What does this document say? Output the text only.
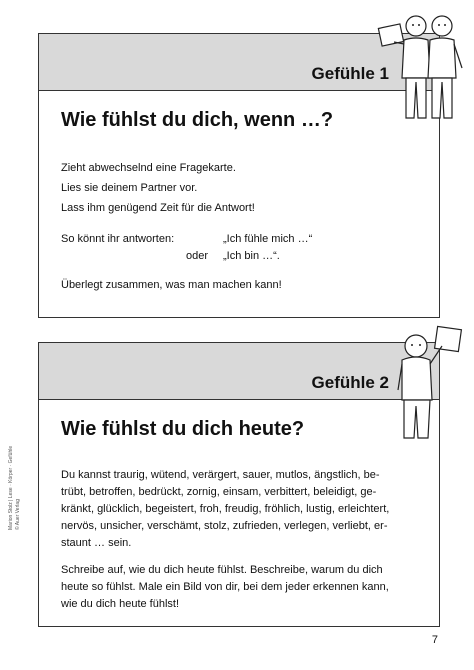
Gefühle 1
Wie fühlst du dich, wenn …?

Zieht abwechselnd eine Fragekarte.

Lies sie deinem Partner vor.

Lass ihm genügend Zeit für die Antwort!

So könnt ihr antworten:	„Ich fühle mich …“
oder „Ich bin …“.

Überlegt zusammen, was man machen kann!

Gefühle 2
Wie fühlst du dich heute?

Du kannst traurig, wütend, verärgert, sauer, mutlos, ängstlich, be-

trübt, betroffen, bedrückt, zornig, einsam, verbittert, beleidigt, ge-

kränkt, glücklich, begeistert, froh, freudig, fröhlich, lustig, erleichtert,

nervös, unsicher, verschämt, stolz, zufrieden, verlegen, verliebt, er-

staunt … sein.

Schreibe auf, wie du dich heute fühlst. Beschreibe, warum du dich

heute so fühlst. Male ein Bild von dir, bei dem jeder erkennen kann,

wie du dich heute fühlst!

Marion Stolz | Lese · Körper · Gefühle © Auer Verlag
7
